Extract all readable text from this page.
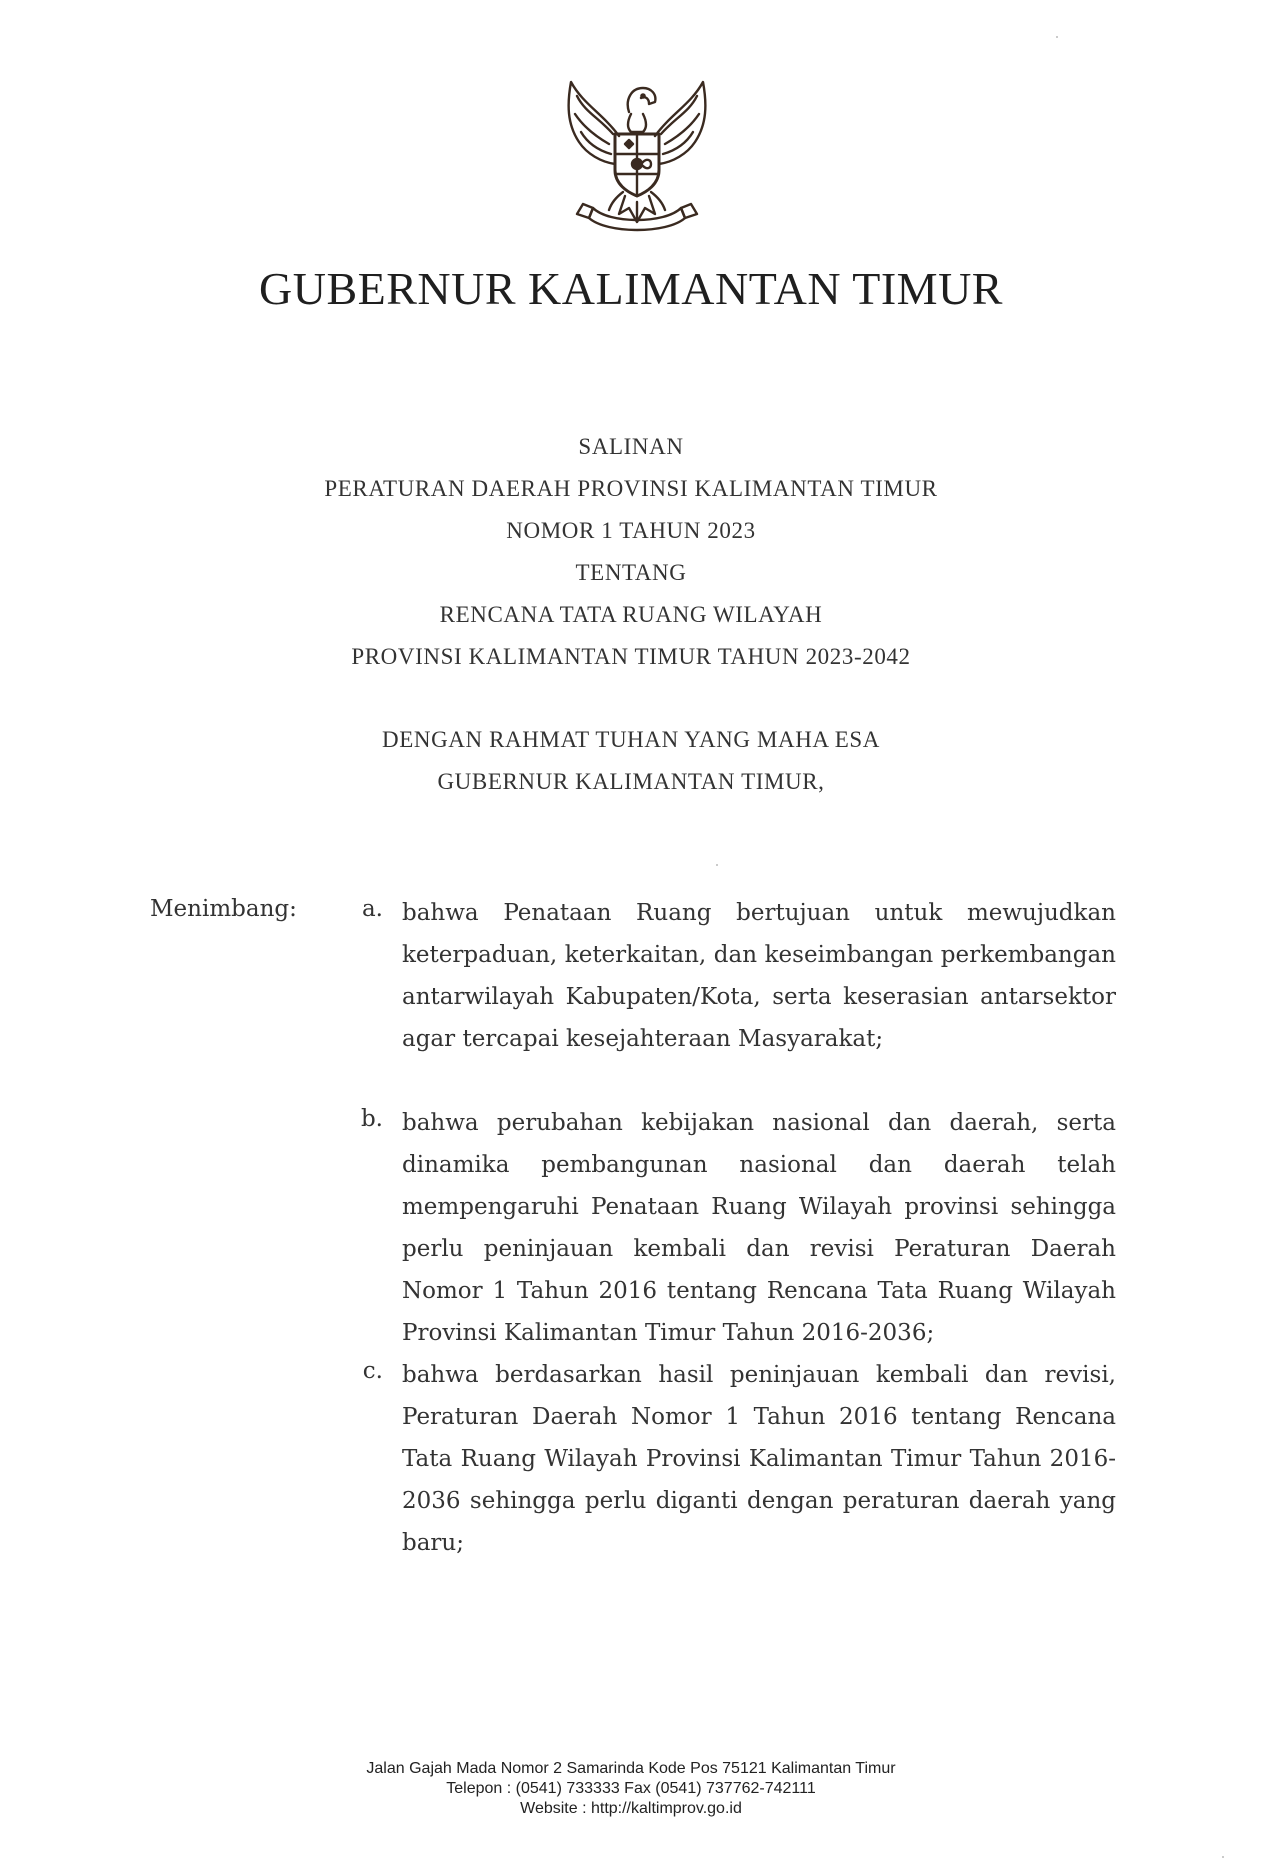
GUBERNUR KALIMANTAN TIMUR
SALINAN
PERATURAN DAERAH PROVINSI KALIMANTAN TIMUR
NOMOR 1 TAHUN 2023
TENTANG
RENCANA TATA RUANG WILAYAH
PROVINSI KALIMANTAN TIMUR TAHUN 2023-2042
DENGAN RAHMAT TUHAN YANG MAHA ESA
GUBERNUR KALIMANTAN TIMUR,
Menimbang:	a. bahwa Penataan Ruang bertujuan untuk mewujudkan keterpaduan, keterkaitan, dan keseimbangan perkembangan antarwilayah Kabupaten/Kota, serta keserasian antarsektor agar tercapai kesejahteraan Masyarakat;
b. bahwa perubahan kebijakan nasional dan daerah, serta dinamika pembangunan nasional dan daerah telah mempengaruhi Penataan Ruang Wilayah provinsi sehingga perlu peninjauan kembali dan revisi Peraturan Daerah Nomor 1 Tahun 2016 tentang Rencana Tata Ruang Wilayah Provinsi Kalimantan Timur Tahun 2016-2036;
c. bahwa berdasarkan hasil peninjauan kembali dan revisi, Peraturan Daerah Nomor 1 Tahun 2016 tentang Rencana Tata Ruang Wilayah Provinsi Kalimantan Timur Tahun 2016-2036 sehingga perlu diganti dengan peraturan daerah yang baru;
Jalan Gajah Mada Nomor 2 Samarinda Kode Pos 75121 Kalimantan Timur
Telepon : (0541) 733333 Fax (0541) 737762-742111
Website : http://kaltimprov.go.id
